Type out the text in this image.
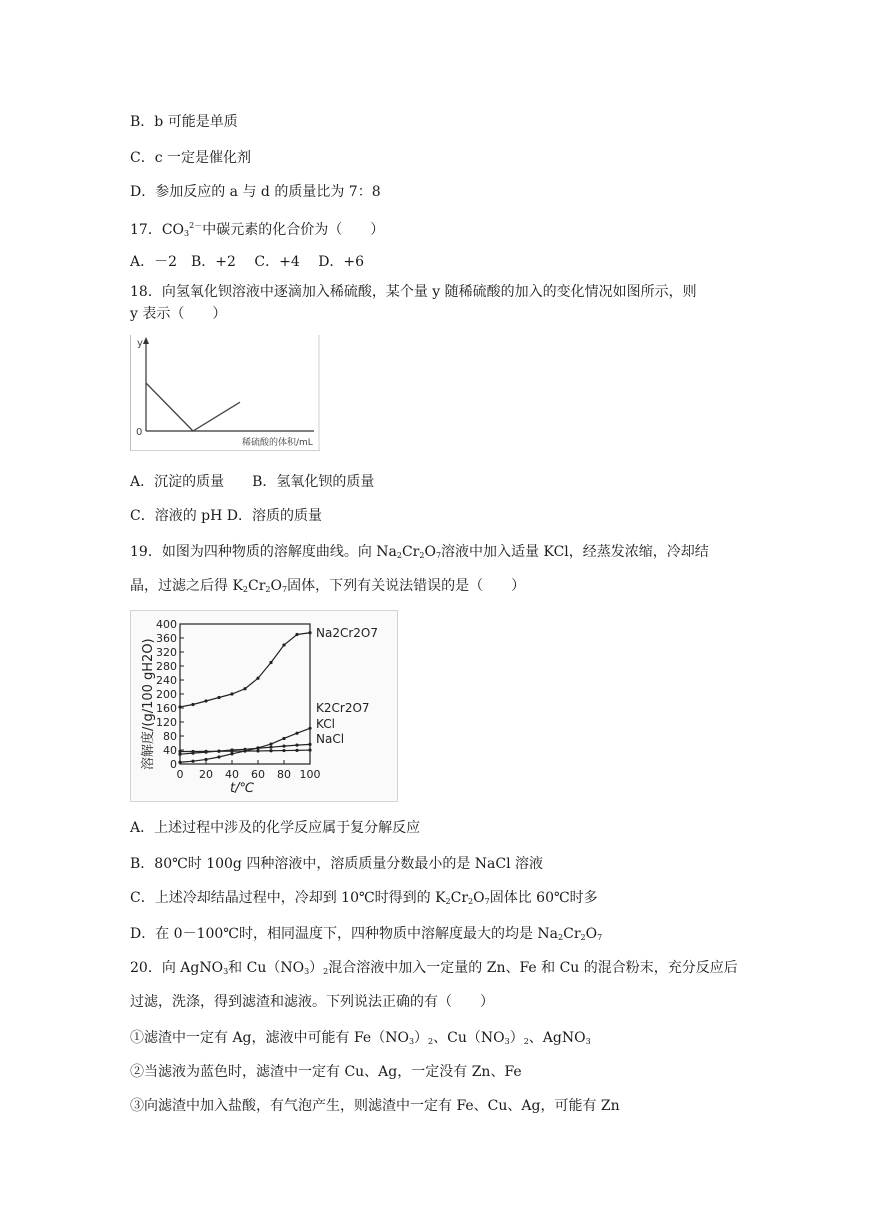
B．b 可能是单质
C．c 一定是催化剂
D．参加反应的 a 与 d 的质量比为 7：8
17．$CO_3^{2-}$中碳元素的化合价为（　　）
A．－2　B．+2　 C．+4　 D．+6
18．向氢氧化钡溶液中逐滴加入稀硫酸，某个量 y 随稀硫酸的加入的变化情况如图所示，则
y 表示（　　）
y
0
稀硫酸的体积/mL
A．沉淀的质量　　B．氢氧化钡的质量
C．溶液的 pH D．溶质的质量
19．如图为四种物质的溶解度曲线。向 $Na_2Cr_2O_7$溶液中加入适量 KCl，经蒸发浓缩，冷却结
晶，过滤之后得 $K_2Cr_2O_7$固体，下列有关说法错误的是（　　）
0
40
80
120
160
200
240
280
320
360
400
0 20 40 60 80 100
溶解度/(g/100 gH2O)
t/℃
Na2Cr2O7
K2Cr2O7
KCl
NaCl
A．上述过程中涉及的化学反应属于复分解反应
B．80℃时 100g 四种溶液中，溶质质量分数最小的是 NaCl 溶液
C．上述冷却结晶过程中，冷却到 10℃时得到的 $K_2Cr_2O_7$固体比 60℃时多
D．在 0－100℃时，相同温度下，四种物质中溶解度最大的均是 $Na_2Cr_2O_7$
20．向 AgNO$_3$和 $Cu(NO_3)_2$混合溶液中加入一定量的 Zn、Fe 和 Cu 的混合粉末，充分反应后
过滤，洗涤，得到滤渣和滤液。下列说法正确的有（　　）
①滤渣中一定有 Ag，滤液中可能有 $Fe(NO_3)_2$、$Cu(NO_3)_2$、AgNO$_3$
②当滤液为蓝色时，滤渣中一定有 Cu、Ag，一定没有 Zn、Fe
③向滤渣中加入盐酸，有气泡产生，则滤渣中一定有 Fe、Cu、Ag，可能有 Zn
